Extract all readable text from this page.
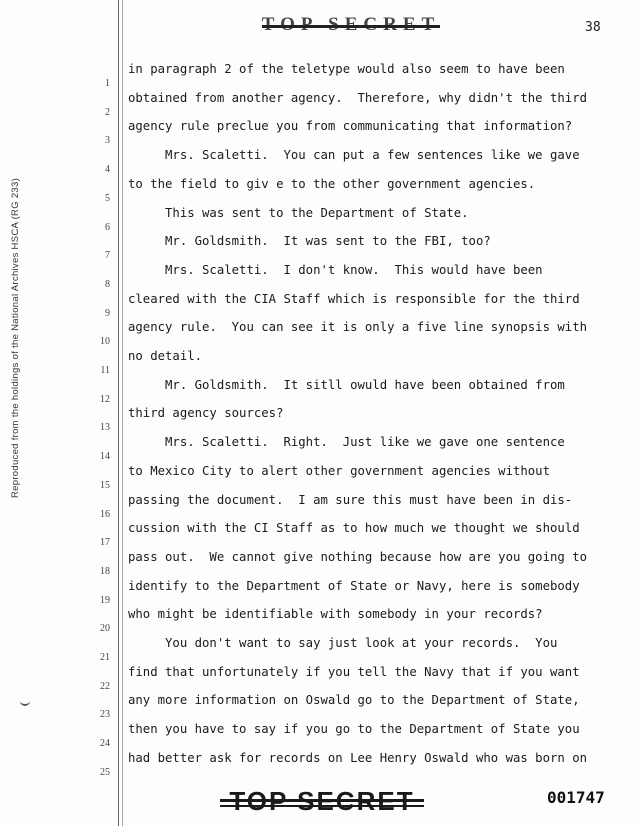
Reproduced from the holdings of the National Archives HSCA (RG 233)
38
1
in paragraph 2 of the teletype would also seem to have been
2
obtained from another agency.  Therefore, why didn't the third
3
agency rule preclue you from communicating that information?
4
Mrs. Scaletti.  You can put a few sentences like we gave
5
to the field to giv e to the other government agencies.
6
This was sent to the Department of State.
7
Mr. Goldsmith.  It was sent to the FBI, too?
8
Mrs. Scaletti.  I don't know.  This would have been
9
cleared with the CIA Staff which is responsible for the third
10
agency rule.  You can see it is only a five line synopsis with
11
no detail.
12
Mr. Goldsmith.  It sitll owuld have been obtained from
13
third agency sources?
14
Mrs. Scaletti.  Right.  Just like we gave one sentence
15
to Mexico City to alert other government agencies without
16
passing the document.  I am sure this must have been in dis-
17
cussion with the CI Staff as to how much we thought we should
18
pass out.  We cannot give nothing because how are you going to
19
identify to the Department of State or Navy, here is somebody
20
who might be identifiable with somebody in your records?
21
You don't want to say just look at your records.  You
22
find that unfortunately if you tell the Navy that if you want
23
any more information on Oswald go to the Department of State,
24
then you have to say if you go to the Department of State you
25
had better ask for records on Lee Henry Oswald who was born on
001747
